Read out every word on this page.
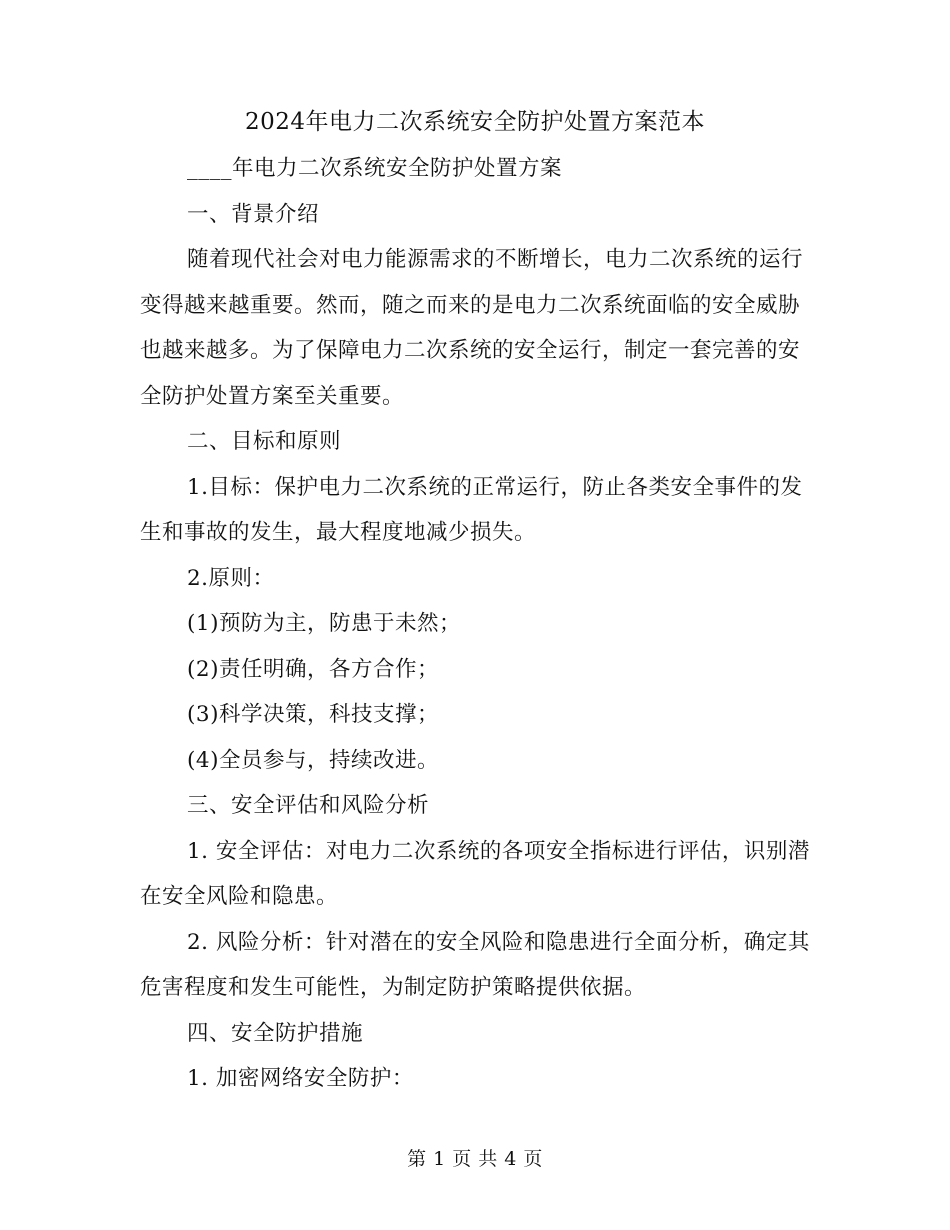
2024年电力二次系统安全防护处置方案范本

____年电力二次系统安全防护处置方案

一、背景介绍

随着现代社会对电力能源需求的不断增长，电力二次系统的运行变得越来越重要。然而，随之而来的是电力二次系统面临的安全威胁也越来越多。为了保障电力二次系统的安全运行，制定一套完善的安全防护处置方案至关重要。

二、目标和原则

1.目标：保护电力二次系统的正常运行，防止各类安全事件的发生和事故的发生，最大程度地减少损失。

2.原则：

(1)预防为主，防患于未然；

(2)责任明确，各方合作；

(3)科学决策，科技支撑；

(4)全员参与，持续改进。

三、安全评估和风险分析

1. 安全评估：对电力二次系统的各项安全指标进行评估，识别潜在安全风险和隐患。

2. 风险分析：针对潜在的安全风险和隐患进行全面分析，确定其危害程度和发生可能性，为制定防护策略提供依据。

四、安全防护措施

1. 加密网络安全防护：

第 1 页 共 4 页
